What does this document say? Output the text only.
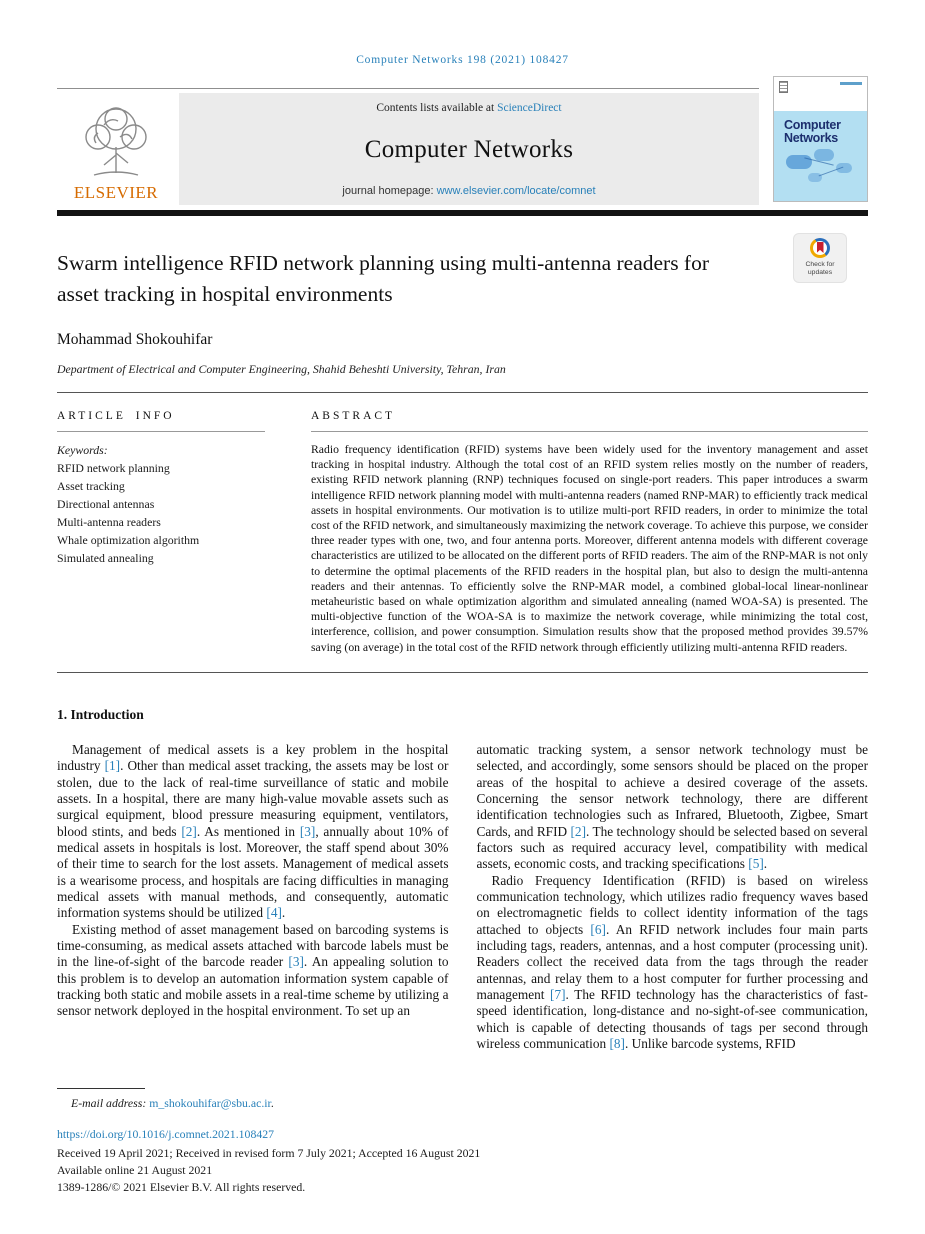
Computer Networks 198 (2021) 108427
ELSEVIER
Contents lists available at ScienceDirect
Computer Networks
journal homepage: www.elsevier.com/locate/comnet
Computer
Networks
Check for updates
Swarm intelligence RFID network planning using multi-antenna readers for asset tracking in hospital environments
Mohammad Shokouhifar
Department of Electrical and Computer Engineering, Shahid Beheshti University, Tehran, Iran
ARTICLE INFO
Keywords:
RFID network planning
Asset tracking
Directional antennas
Multi-antenna readers
Whale optimization algorithm
Simulated annealing
ABSTRACT
Radio frequency identification (RFID) systems have been widely used for the inventory management and asset tracking in hospital industry. Although the total cost of an RFID system relies mostly on the number of readers, existing RFID network planning (RNP) techniques focused on single-port readers. This paper introduces a swarm intelligence RFID network planning model with multi-antenna readers (named RNP-MAR) to efficiently track medical assets in hospital environments. Our motivation is to utilize multi-port RFID readers, in order to minimize the total cost of the RFID network, and simultaneously maximizing the network coverage. To achieve this purpose, we consider three reader types with one, two, and four antenna ports. Moreover, different antenna models with different coverage characteristics are utilized to be allocated on the different ports of RFID readers. The aim of the RNP-MAR is not only to determine the optimal placements of the RFID readers in the hospital plan, but also to design the multi-antenna readers and their antennas. To efficiently solve the RNP-MAR model, a combined global-local linear-nonlinear metaheuristic based on whale optimization algorithm and simulated annealing (named WOA-SA) is presented. The multi-objective function of the WOA-SA is to maximize the network coverage, while minimizing the total cost, interference, collision, and power consumption. Simulation results show that the proposed method provides 39.57% saving (on average) in the total cost of the RFID network through efficiently utilizing multi-antenna RFID readers.
1. Introduction

Management of medical assets is a key problem in the hospital industry [1]. Other than medical asset tracking, the assets may be lost or stolen, due to the lack of real-time surveillance of static and mobile assets. In a hospital, there are many high-value movable assets such as surgical equipment, blood pressure measuring equipment, ventilators, blood stints, and beds [2]. As mentioned in [3], annually about 10% of medical assets in hospitals is lost. Moreover, the staff spend about 30% of their time to search for the lost assets. Management of medical assets is a wearisome process, and hospitals are facing difficulties in managing medical assets with manual methods, and consequently, automatic information systems should be utilized [4].

Existing method of asset management based on barcoding systems is time-consuming, as medical assets attached with barcode labels must be in the line-of-sight of the barcode reader [3]. An appealing solution to this problem is to develop an automation information system capable of tracking both static and mobile assets in a real-time scheme by utilizing a sensor network deployed in the hospital environment. To set up an

automatic tracking system, a sensor network technology must be selected, and accordingly, some sensors should be placed on the proper areas of the hospital to achieve a desired coverage of the assets. Concerning the sensor network technology, there are different identification technologies such as Infrared, Bluetooth, Zigbee, Smart Cards, and RFID [2]. The technology should be selected based on several factors such as required accuracy level, compatibility with medical assets, economic costs, and tracking specifications [5].

Radio Frequency Identification (RFID) is based on wireless communication technology, which utilizes radio frequency waves based on electromagnetic fields to collect identity information of the tags attached to objects [6]. An RFID network includes four main parts including tags, readers, antennas, and a host computer (processing unit). Readers collect the received data from the tags through the reader antennas, and relay them to a host computer for further processing and management [7]. The RFID technology has the characteristics of fast-speed identification, long-distance and no-sight-of-see communication, which is capable of detecting thousands of tags per second through wireless communication [8]. Unlike barcode systems, RFID

E-mail address: m_shokouhifar@sbu.ac.ir.
https://doi.org/10.1016/j.comnet.2021.108427
Received 19 April 2021; Received in revised form 7 July 2021; Accepted 16 August 2021
Available online 21 August 2021
1389-1286/© 2021 Elsevier B.V. All rights reserved.
